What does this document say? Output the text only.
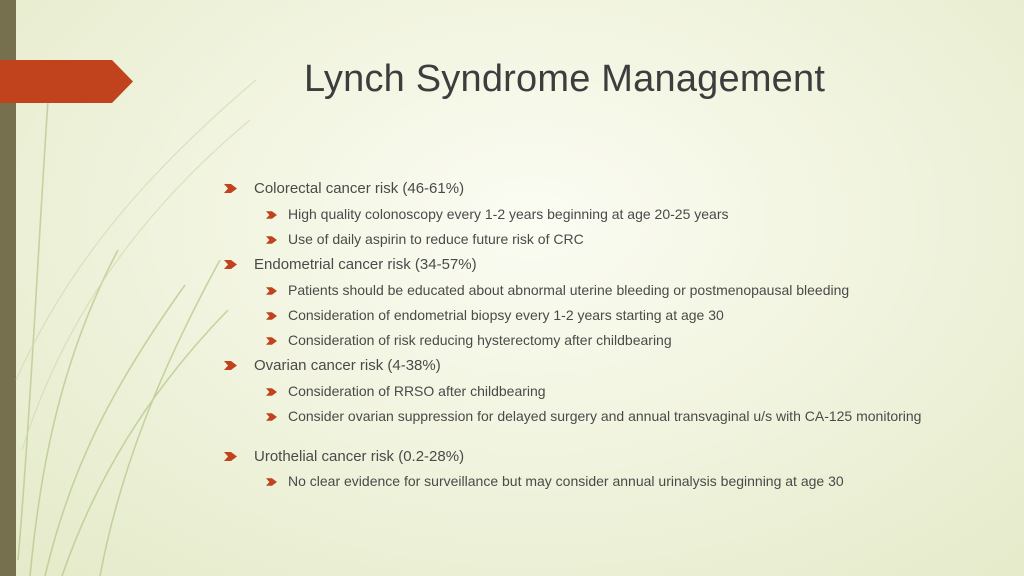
Lynch Syndrome Management
Colorectal cancer risk (46-61%)
High quality colonoscopy every 1-2 years beginning at age 20-25 years
Use of daily aspirin to reduce future risk of CRC
Endometrial cancer risk (34-57%)
Patients should be educated about abnormal uterine bleeding or postmenopausal bleeding
Consideration of endometrial biopsy every 1-2 years starting at age 30
Consideration of risk reducing hysterectomy after childbearing
Ovarian cancer risk (4-38%)
Consideration of RRSO after childbearing
Consider ovarian suppression for delayed surgery and annual transvaginal u/s with CA-125 monitoring
Urothelial cancer risk (0.2-28%)
No clear evidence for surveillance but may consider annual urinalysis beginning at age 30
